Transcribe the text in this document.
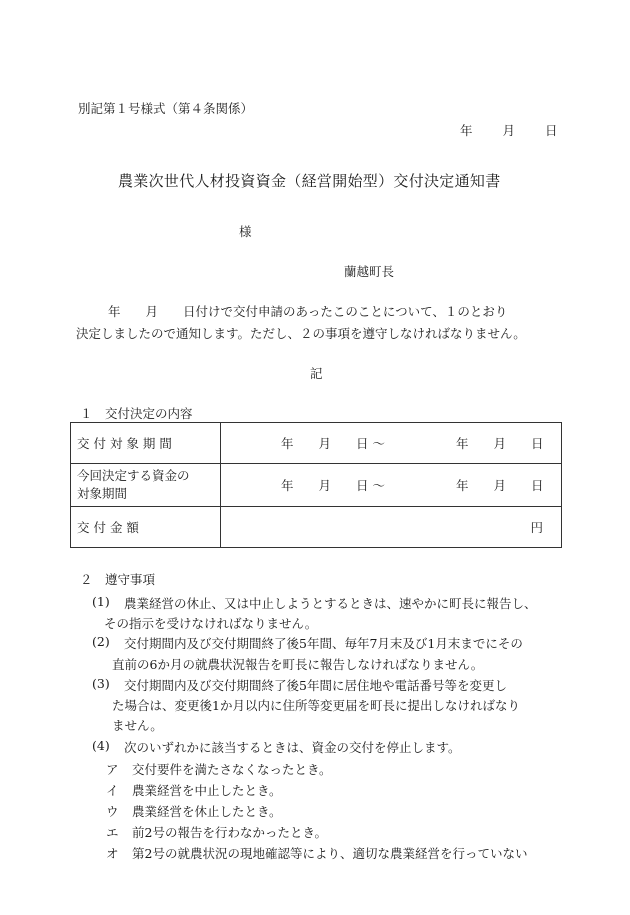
別記第１号様式（第４条関係）
年 月 日
農業次世代人材投資資金（経営開始型）交付決定通知書
様
蘭越町長
年　　月　　日付けで交付申請のあったこのことについて、１のとおり
決定しましたので通知します。ただし、２の事項を遵守しなければなりません。
記
１　交付決定の内容
交 付 対 象 期 間	年　　月　　日 〜 年　　月　　日

今回決定する資金の
対象期間	年　　月　　日 〜 年　　月　　日

交 付 金 額	円
２　遵守事項
(1) 農業経営の休止、又は中止しようとするときは、速やかに町長に報告し、
その指示を受けなければなりません。
(2) 交付期間内及び交付期間終了後5年間、毎年7月末及び1月末までにその
直前の6か月の就農状況報告を町長に報告しなければなりません。
(3) 交付期間内及び交付期間終了後5年間に居住地や電話番号等を変更し
た場合は、変更後1か月以内に住所等変更届を町長に提出しなければなり
ません。
(4) 次のいずれかに該当するときは、資金の交付を停止します。
ア 交付要件を満たさなくなったとき。
イ 農業経営を中止したとき。
ウ 農業経営を休止したとき。
エ 前2号の報告を行わなかったとき。
オ 第2号の就農状況の現地確認等により、適切な農業経営を行っていない
